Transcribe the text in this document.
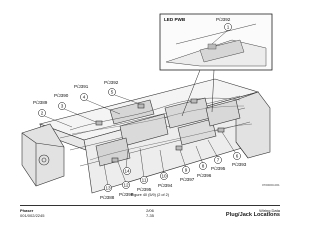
LED PWB	P/J392
1
2
P/J389
3
P/J390	4
P/J391
5
P/J392
6
P/J393
7
P/J395
8
P/J396
9
P/J397
10
P/J394
11
P/J395
12
P/J398
13
P/J388
14
0700000-001
Figure 40 (5/9) (2 of 2)
Phaser
001/002/2245
2/06
7-35
Wiring Data
Plug/Jack Locations
